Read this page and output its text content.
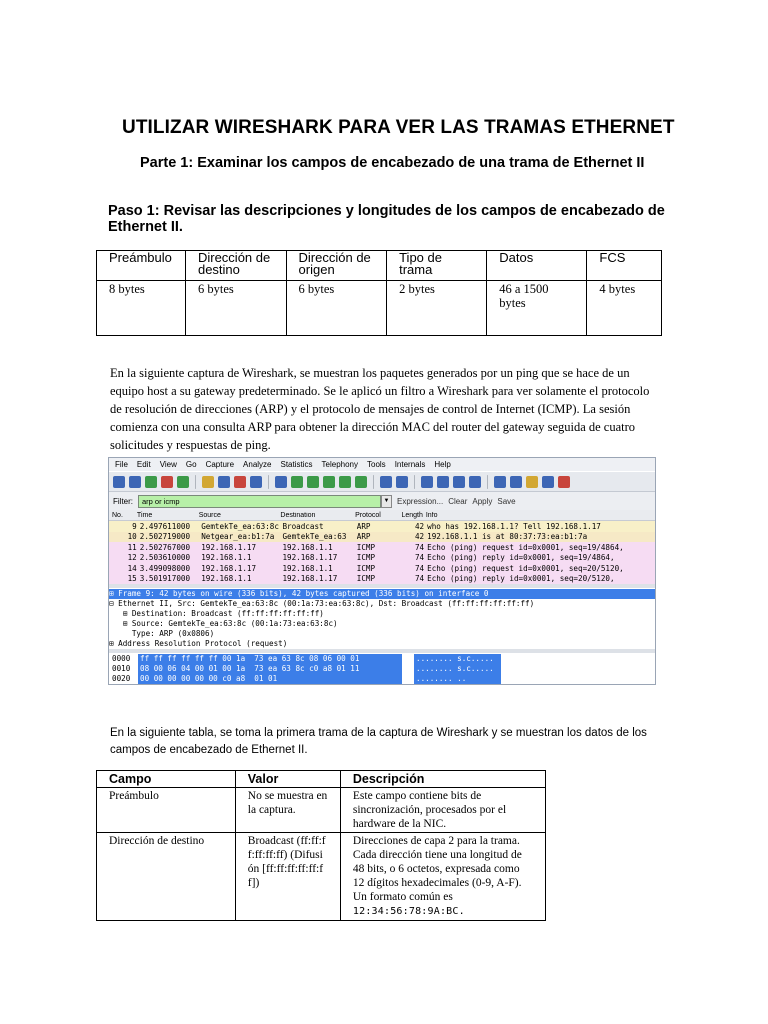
UTILIZAR WIRESHARK PARA VER LAS TRAMAS ETHERNET
Parte 1: Examinar los campos de encabezado de una trama de Ethernet II
Paso 1: Revisar las descripciones y longitudes de los campos de encabezado de Ethernet II.
Preámbulo	Dirección de destino	Dirección de origen	Tipo de trama	Datos	FCS
8 bytes	6 bytes	6 bytes	2 bytes	46 a 1500 bytes	4 bytes
En la siguiente captura de Wireshark, se muestran los paquetes generados por un ping que se hace de un equipo host a su gateway predeterminado. Se le aplicó un filtro a Wireshark para ver solamente el protocolo de resolución de direcciones (ARP) y el protocolo de mensajes de control de Internet (ICMP). La sesión comienza con una consulta ARP para obtener la dirección MAC del router del gateway seguida de cuatro solicitudes y respuestas de ping.
File Edit View Go Capture Analyze Statistics Telephony Tools Internals Help
Filter:	arp or icmp	▼ Expression... Clear Apply Save
No.	Time	Source	Destination	Protocol	Length Info
9 2.497611000	GemtekTe_ea:63:8c Broadcast	ARP	42 who has 192.168.1.1? Tell 192.168.1.17
10 2.502719000	Netgear_ea:b1:7a	GemtekTe_ea:63	ARP	42 192.168.1.1 is at 80:37:73:ea:b1:7a
11 2.502767000	192.168.1.17	192.168.1.1	ICMP	74 Echo (ping) request id=0x0001, seq=19/4864,
12 2.503610000	192.168.1.1	192.168.1.17	ICMP	74 Echo (ping) reply id=0x0001, seq=19/4864,
14 3.499098000	192.168.1.17	192.168.1.1	ICMP	74 Echo (ping) request id=0x0001, seq=20/5120,
15 3.501917000	192.168.1.1	192.168.1.17	ICMP	74 Echo (ping) reply id=0x0001, seq=20/5120,
⊞ Frame 9: 42 bytes on wire (336 bits), 42 bytes captured (336 bits) on interface 0
⊟ Ethernet II, Src: GemtekTe_ea:63:8c (00:1a:73:ea:63:8c), Dst: Broadcast (ff:ff:ff:ff:ff:ff)
⊞ Destination: Broadcast (ff:ff:ff:ff:ff:ff)
⊞ Source: GemtekTe_ea:63:8c (00:1a:73:ea:63:8c)
Type: ARP (0x0806)
⊞ Address Resolution Protocol (request)
0000	ff ff ff ff ff ff 00 1a  73 ea 63 8c 08 06 00 01	........ s.c.....
0010	08 00 06 04 00 01 00 1a  73 ea 63 8c c0 a8 01 11	........ s.c.....
0020	00 00 00 00 00 00 c0 a8  01 01	........ ..
En la siguiente tabla, se toma la primera trama de la captura de Wireshark y se muestran los datos de los campos de encabezado de Ethernet II.
Campo	Valor	Descripción
Preámbulo	No se muestra en la captura.	Este campo contiene bits de sincronización, procesados por el hardware de la NIC.
Dirección de destino	Broadcast (ff:ff:ff:ff:ff:ff) (Difusión [ff:ff:ff:ff:ff:ff])	Direcciones de capa 2 para la trama. Cada dirección tiene una longitud de 48 bits, o 6 octetos, expresada como 12 dígitos hexadecimales (0-9, A-F). Un formato común es
12:34:56:78:9A:BC.
